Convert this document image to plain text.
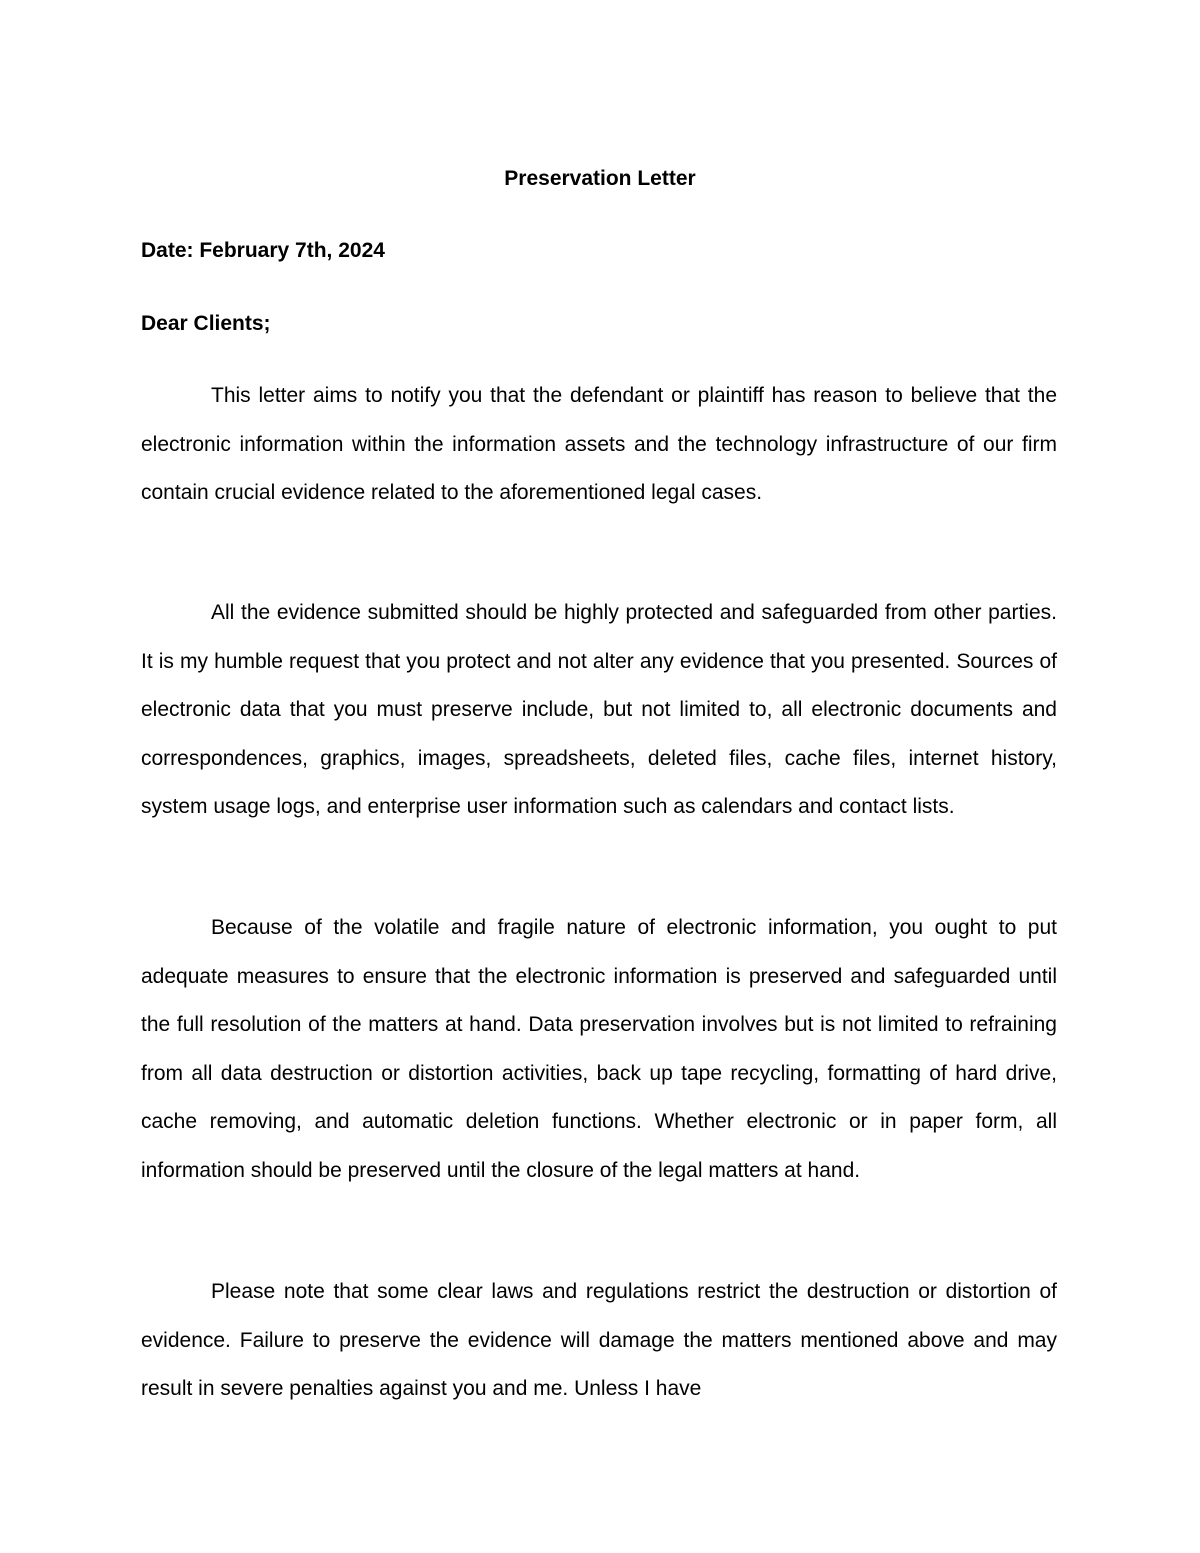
Preservation Letter
Date: February 7th, 2024
Dear Clients;

This letter aims to notify you that the defendant or plaintiff has reason to believe that the electronic information within the information assets and the technology infrastructure of our firm contain crucial evidence related to the aforementioned legal cases.

All the evidence submitted should be highly protected and safeguarded from other parties. It is my humble request that you protect and not alter any evidence that you presented. Sources of electronic data that you must preserve include, but not limited to, all electronic documents and correspondences, graphics, images, spreadsheets, deleted files, cache files, internet history, system usage logs, and enterprise user information such as calendars and contact lists.

Because of the volatile and fragile nature of electronic information, you ought to put adequate measures to ensure that the electronic information is preserved and safeguarded until the full resolution of the matters at hand. Data preservation involves but is not limited to refraining from all data destruction or distortion activities, back up tape recycling, formatting of hard drive, cache removing, and automatic deletion functions. Whether electronic or in paper form, all information should be preserved until the closure of the legal matters at hand.

Please note that some clear laws and regulations restrict the destruction or distortion of evidence. Failure to preserve the evidence will damage the matters mentioned above and may result in severe penalties against you and me. Unless I have
